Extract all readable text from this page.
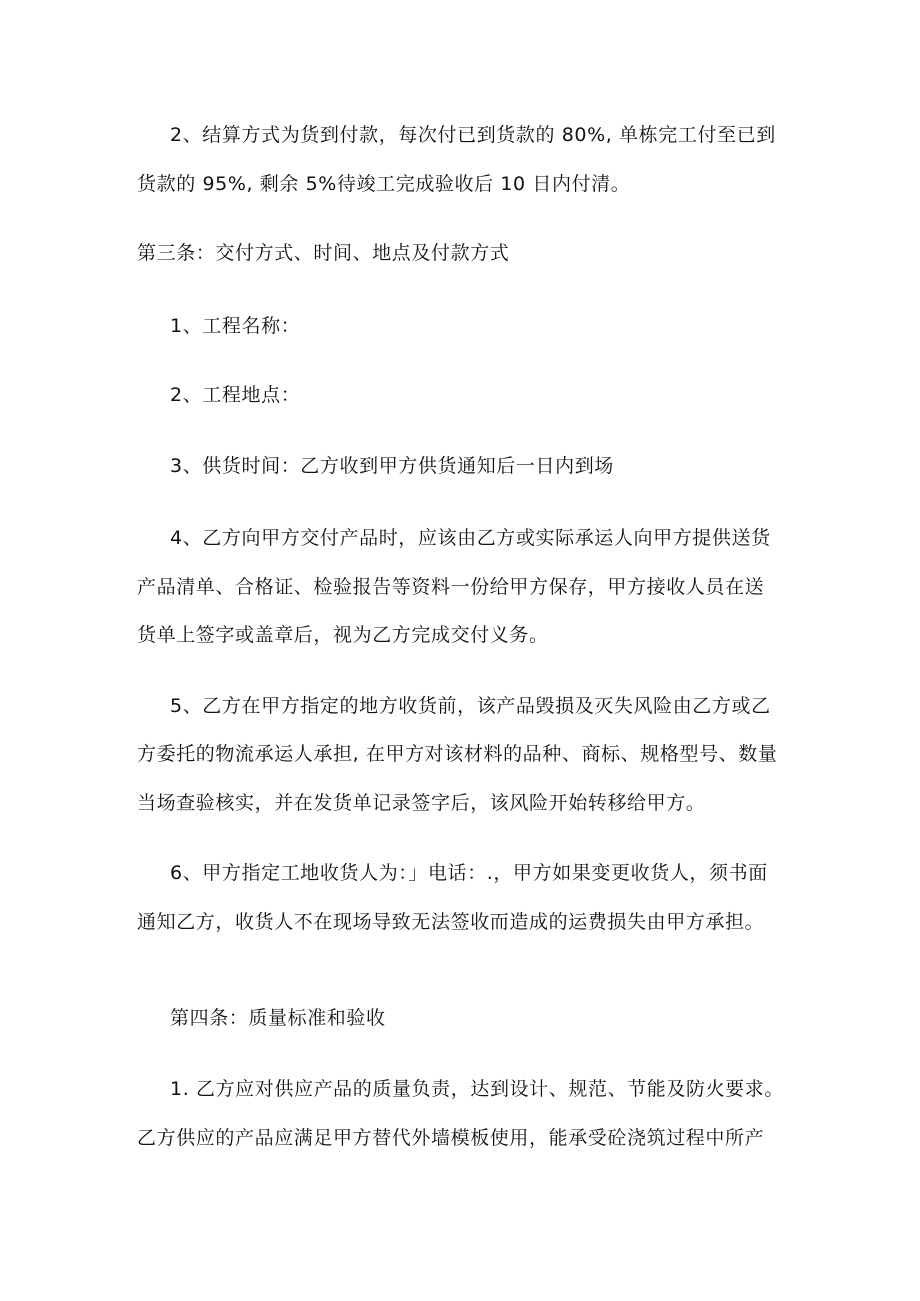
2、结算方式为货到付款，每次付已到货款的 80%, 单栋完工付至已到
货款的 95%, 剩余 5%待竣工完成验收后 10 日内付清。
第三条：交付方式、时间、地点及付款方式
1、工程名称：
2、工程地点：
3、供货时间：乙方收到甲方供货通知后一日内到场
4、乙方向甲方交付产品时，应该由乙方或实际承运人向甲方提供送货
产品清单、合格证、检验报告等资料一份给甲方保存，甲方接收人员在送
货单上签字或盖章后，视为乙方完成交付义务。
5、乙方在甲方指定的地方收货前，该产品毁损及灭失风险由乙方或乙
方委托的物流承运人承担, 在甲方对该材料的品种、商标、规格型号、数量
当场查验核实，并在发货单记录签字后，该风险开始转移给甲方。
6、甲方指定工地收货人为：」电话：.，甲方如果变更收货人，须书面
通知乙方，收货人不在现场导致无法签收而造成的运费损失由甲方承担。
第四条：质量标准和验收
1. 乙方应对供应产品的质量负责，达到设计、规范、节能及防火要求。
乙方供应的产品应满足甲方替代外墙模板使用，能承受砼浇筑过程中所产
